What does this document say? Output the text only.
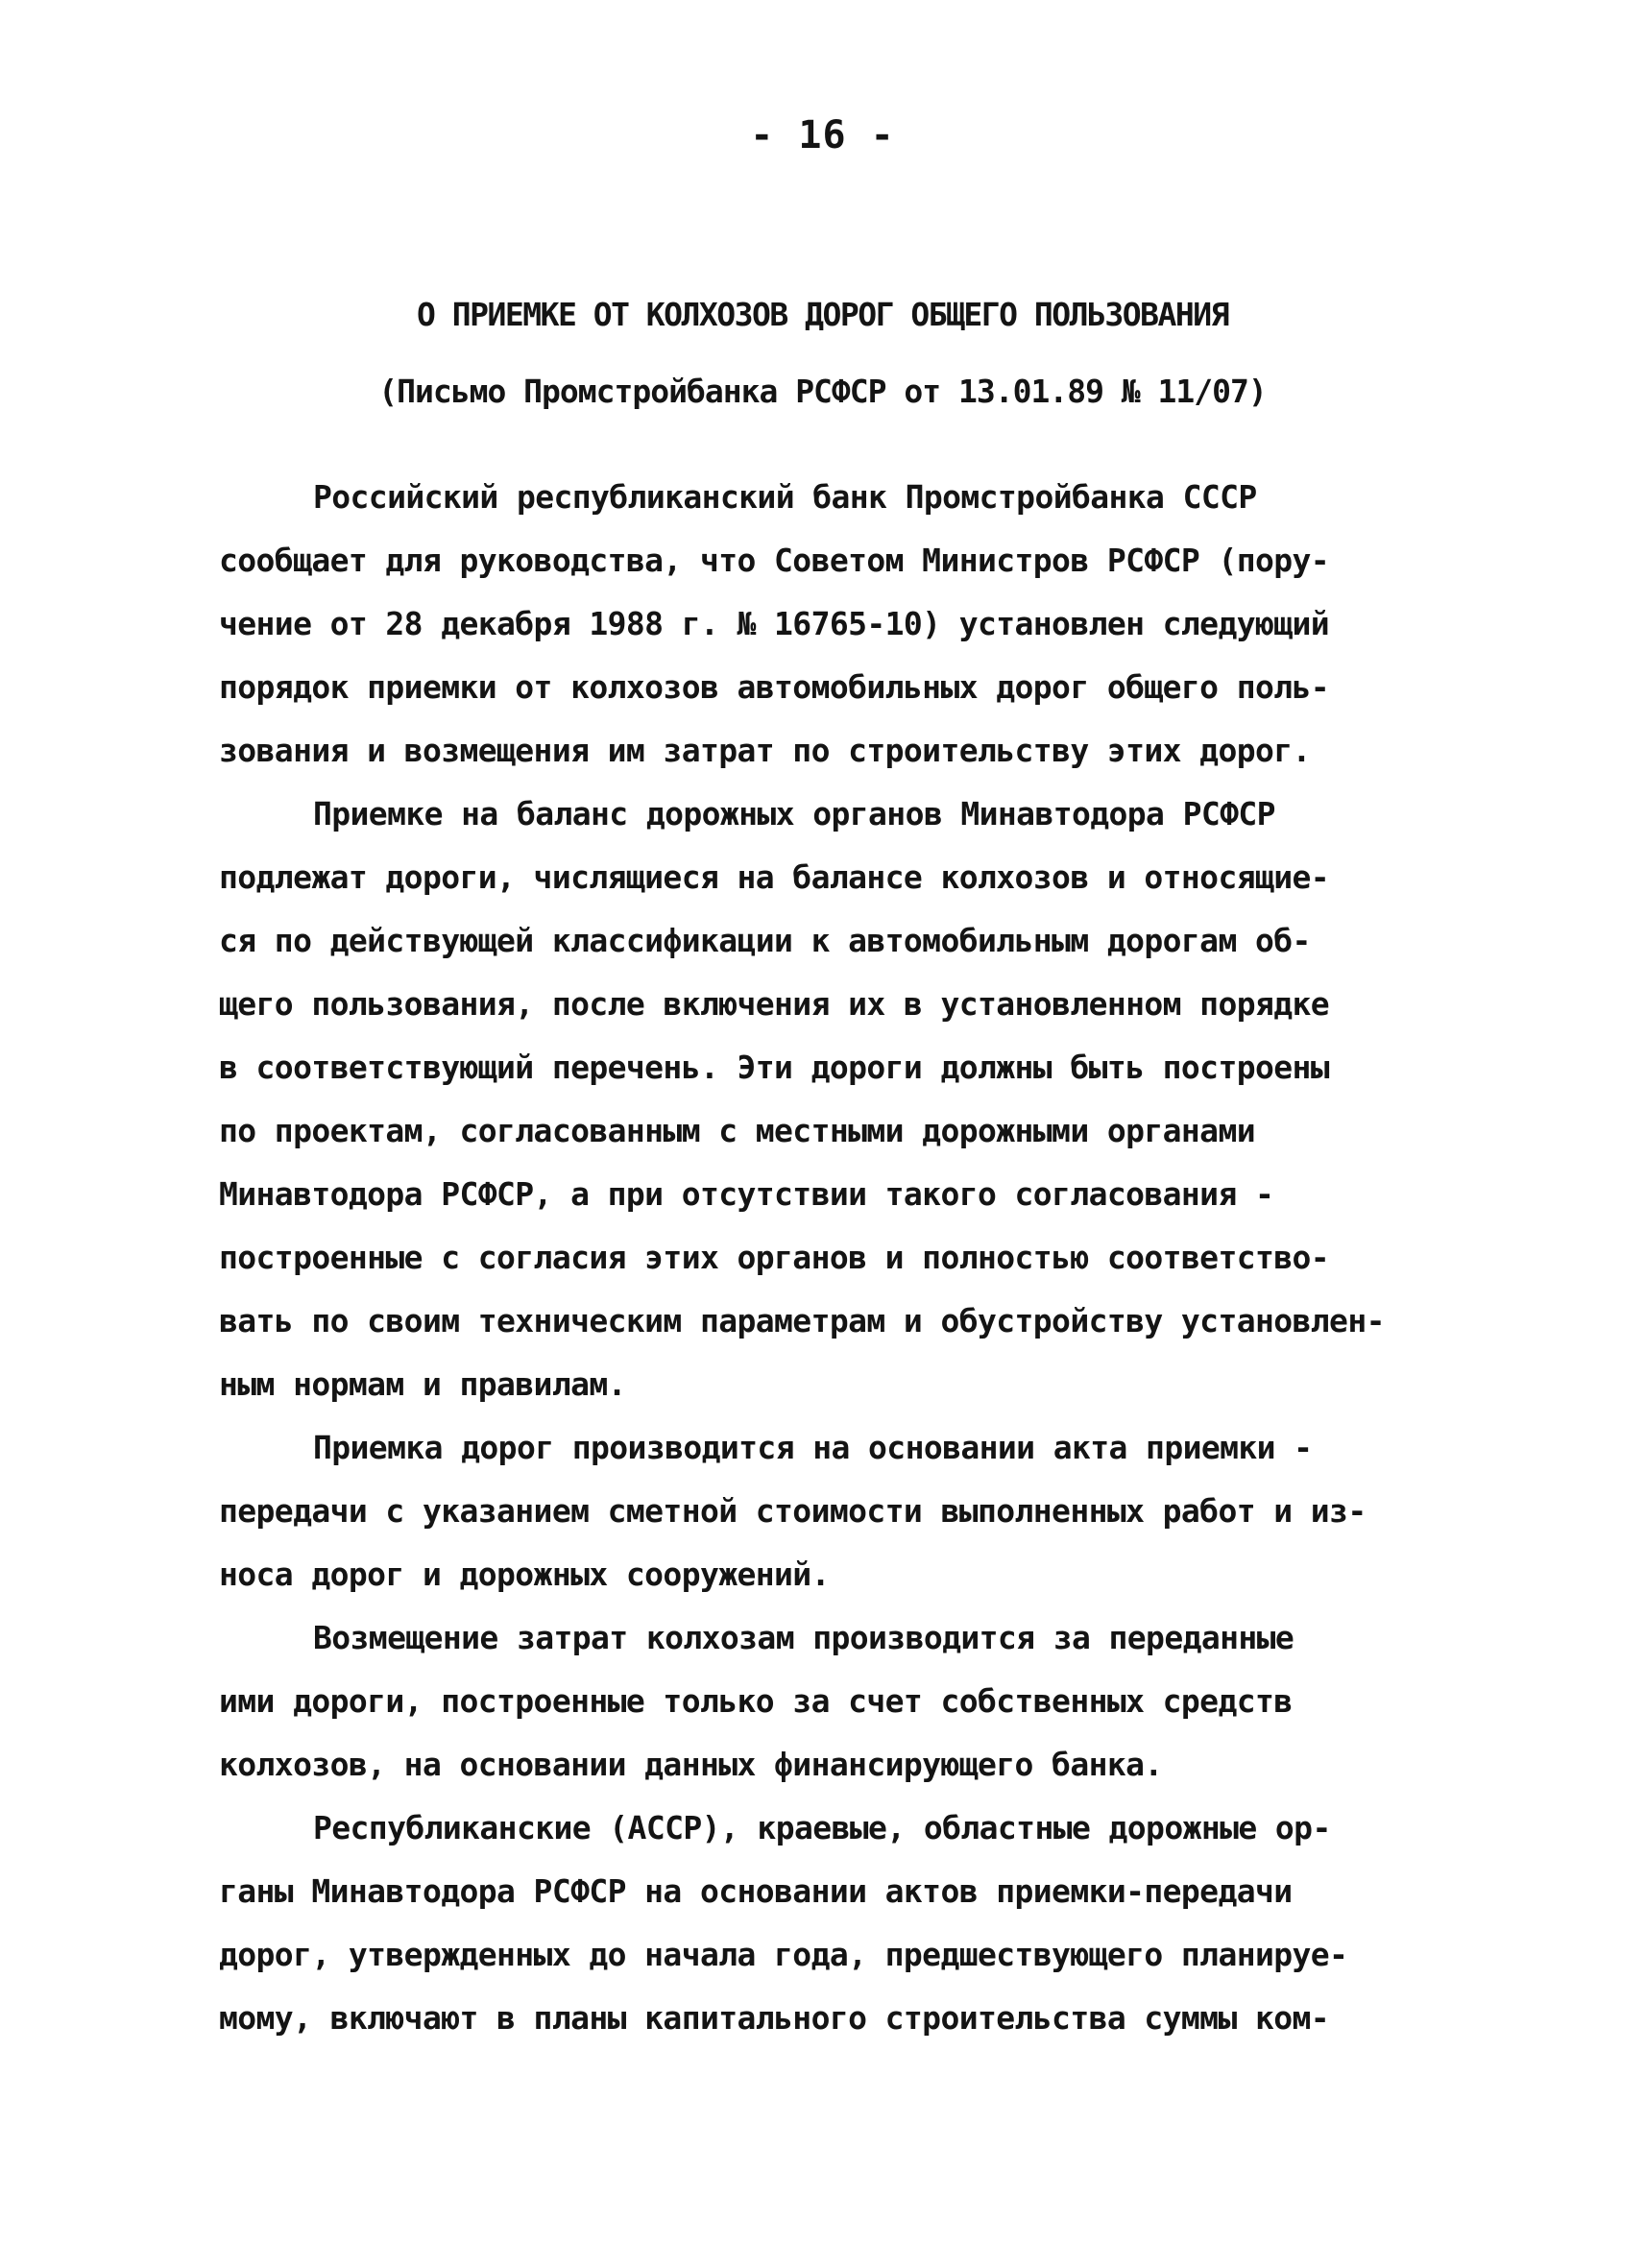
- 16 -
О ПРИЕМКЕ ОТ КОЛХОЗОВ ДОРОГ ОБЩЕГО ПОЛЬЗОВАНИЯ
(Письмо Промстройбанка РСФСР от 13.01.89 № 11/07)
Российский республиканский банк Промстройбанка СССР
сообщает для руководства, что Советом Министров РСФСР (пору-
чение от 28 декабря 1988 г. № 16765-10) установлен следующий
порядок приемки от колхозов автомобильных дорог общего поль-
зования и возмещения им затрат по строительству этих дорог.
Приемке на баланс дорожных органов Минавтодора РСФСР
подлежат дороги, числящиеся на балансе колхозов и относящие-
ся по действующей классификации к автомобильным дорогам об-
щего пользования, после включения их в установленном порядке
в соответствующий перечень. Эти дороги должны быть построены
по проектам, согласованным с местными дорожными органами
Минавтодора РСФСР, а при отсутствии такого согласования -
построенные с согласия этих органов и полностью соответство-
вать по своим техническим параметрам и обустройству установлен-
ным нормам и правилам.
Приемка дорог производится на основании акта приемки -
передачи с указанием сметной стоимости выполненных работ и из-
носа дорог и дорожных сооружений.
Возмещение затрат колхозам производится за переданные
ими дороги, построенные только за счет собственных средств
колхозов, на основании данных финансирующего банка.
Республиканские (АССР), краевые, областные дорожные ор-
ганы Минавтодора РСФСР на основании актов приемки-передачи
дорог, утвержденных до начала года, предшествующего планируе-
мому, включают в планы капитального строительства суммы ком-
